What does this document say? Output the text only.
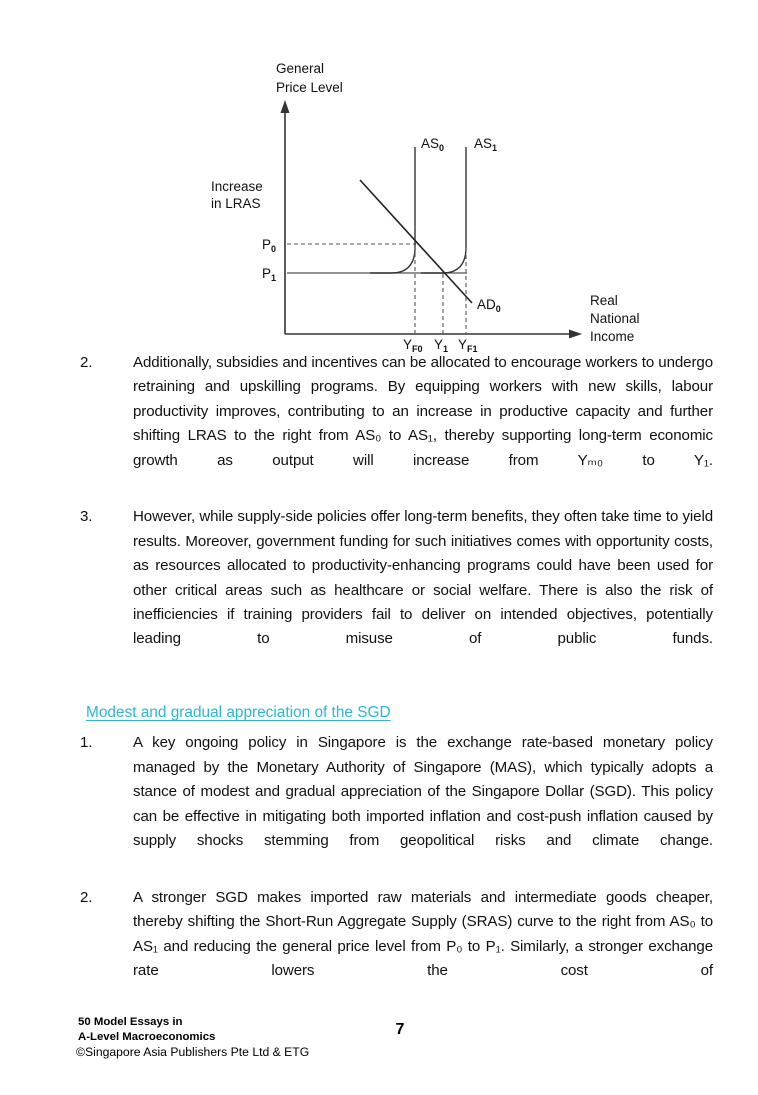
General
Price Level
Real
National
Income
Increase
in LRAS
$P_0$
$P_1$
$AS_0$ $AS_1$
$AD_0$
$Y_{F0}$ $Y_1$ $Y_{F1}$
2.	Additionally, subsidies and incentives can be allocated to encourage workers to undergo retraining and upskilling programs. By equipping workers with new skills, labour productivity improves, contributing to an increase in productive capacity and further shifting LRAS to the right from AS₀ to AS₁, thereby supporting long-term economic growth as output will increase from Yₘ₀ to Y₁.
3.	However, while supply-side policies offer long-term benefits, they often take time to yield results. Moreover, government funding for such initiatives comes with opportunity costs, as resources allocated to productivity-enhancing programs could have been used for other critical areas such as healthcare or social welfare. There is also the risk of inefficiencies if training providers fail to deliver on intended objectives, potentially leading to misuse of public funds.
Modest and gradual appreciation of the SGD
1.	A key ongoing policy in Singapore is the exchange rate-based monetary policy managed by the Monetary Authority of Singapore (MAS), which typically adopts a stance of modest and gradual appreciation of the Singapore Dollar (SGD). This policy can be effective in mitigating both imported inflation and cost-push inflation caused by supply shocks stemming from geopolitical risks and climate change.
2.	A stronger SGD makes imported raw materials and intermediate goods cheaper, thereby shifting the Short-Run Aggregate Supply (SRAS) curve to the right from AS₀ to AS₁ and reducing the general price level from P₀ to P₁. Similarly, a stronger exchange rate lowers the cost of
50 Model Essays in
A-Level Macroeconomics
©Singapore Asia Publishers Pte Ltd & ETG
7
